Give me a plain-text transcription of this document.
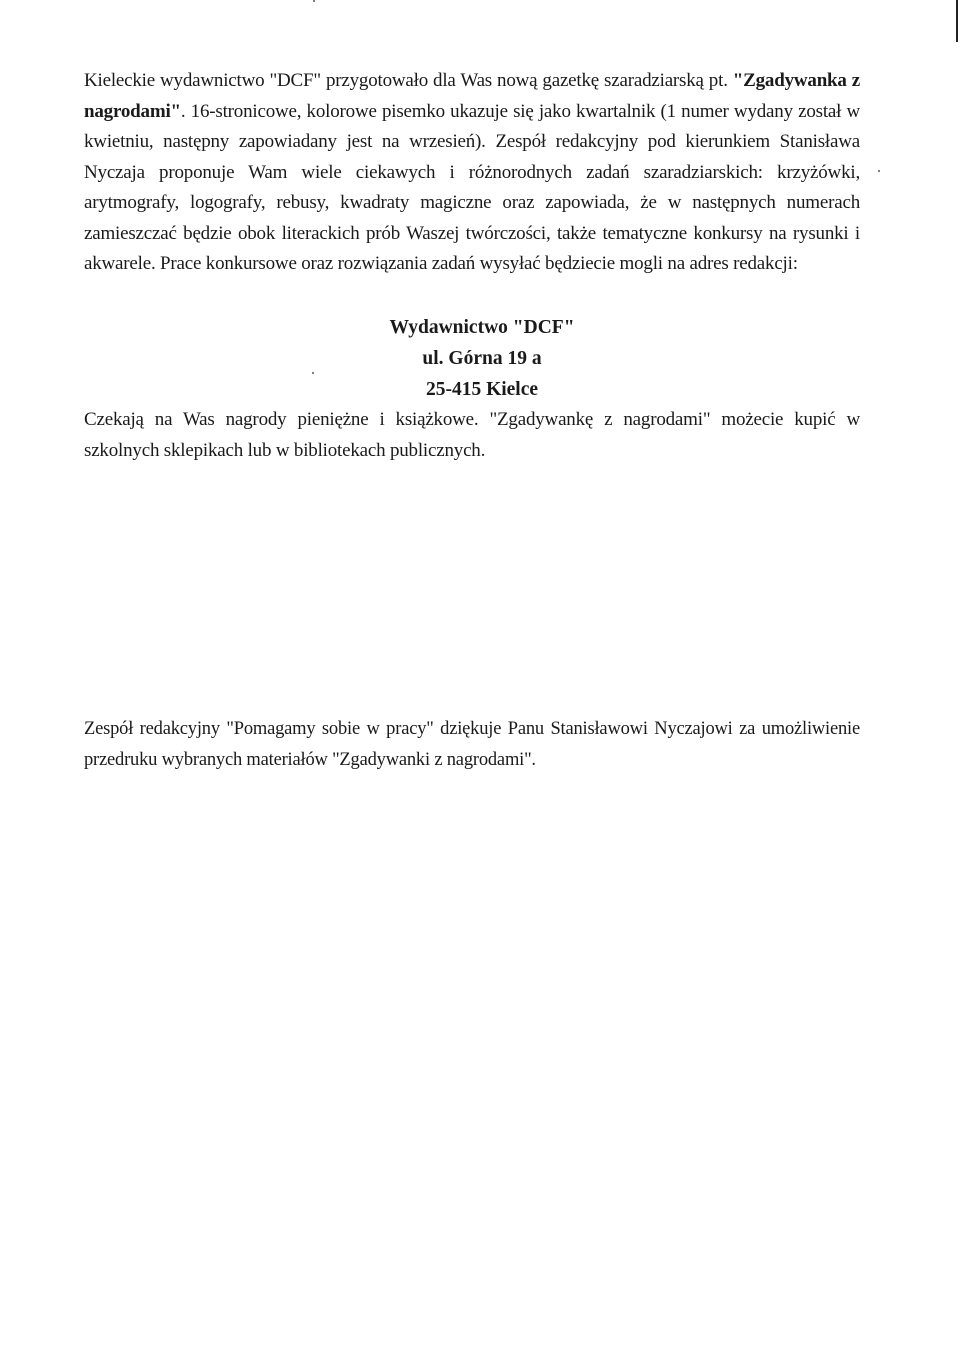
Kieleckie wydawnictwo "DCF" przygotowało dla Was nową gazetkę szaradziarską pt. "Zgadywanka z nagrodami". 16-stronicowe, kolorowe pisemko ukazuje się jako kwartalnik (1 numer wydany został w kwietniu, następny zapowiadany jest na wrzesień). Zespół redakcyjny pod kierunkiem Stanisława Nyczaja proponuje Wam wiele ciekawych i różnorodnych zadań szaradziarskich: krzyżówki, arytmografy, logografy, rebusy, kwadraty magiczne oraz zapowiada, że w następnych numerach zamieszczać będzie obok literackich prób Waszej twórczości, także tematyczne konkursy na rysunki i akwarele. Prace konkursowe oraz rozwiązania zadań wysyłać będziecie mogli na adres redakcji:

Wydawnictwo "DCF"
ul. Górna 19 a
25-415 Kielce

Czekają na Was nagrody pieniężne i książkowe. "Zgadywankę z nagrodami" możecie kupić w szkolnych sklepikach lub w bibliotekach publicznych.

Zespół redakcyjny "Pomagamy sobie w pracy" dziękuje Panu Stanisławowi Nyczajowi za umożliwienie przedruku wybranych materiałów "Zgadywanki z nagrodami".
